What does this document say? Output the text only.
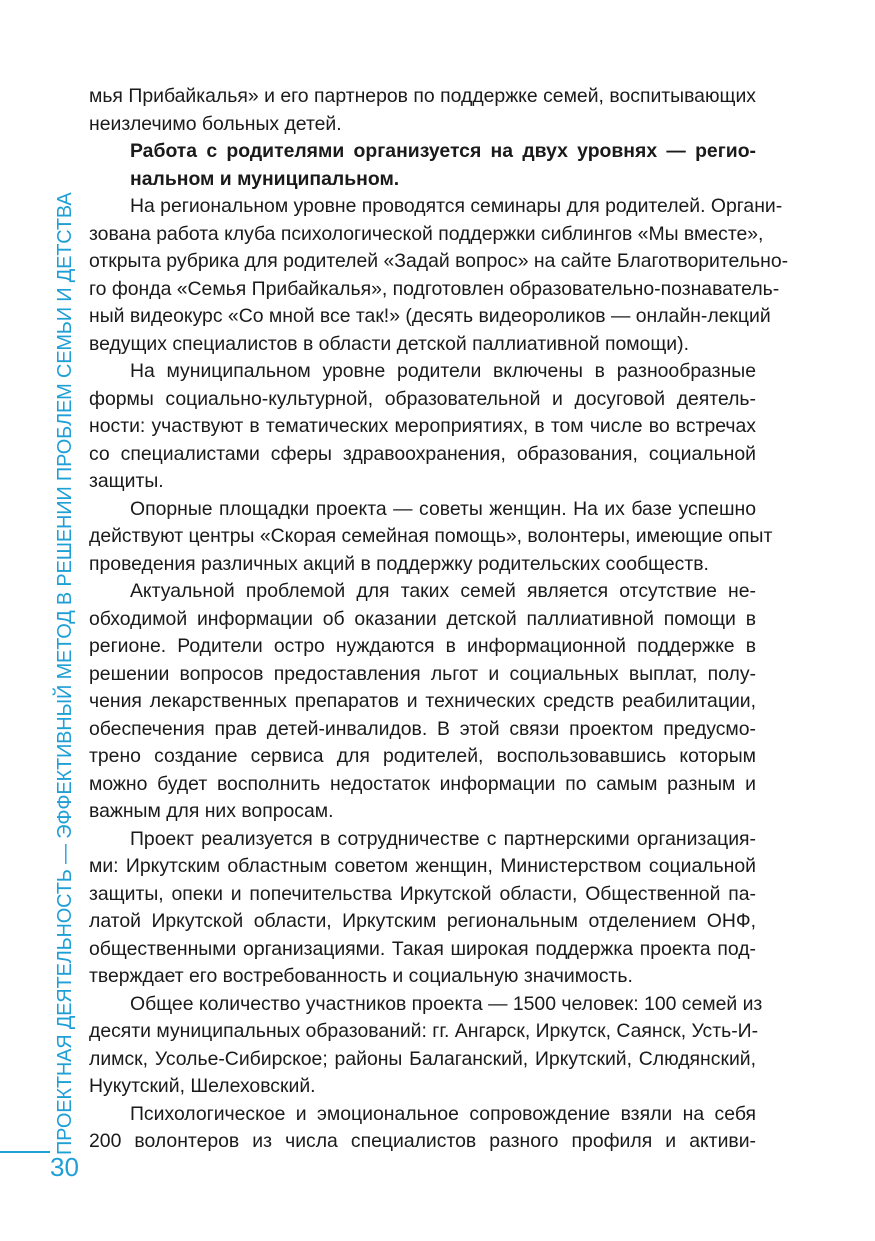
мья Прибайкалья» и его партнеров по поддержке семей, воспитывающих
неизлечимо больных детей.
Работа с родителями организуется на двух уровнях — регио-
нальном и муниципальном.
На региональном уровне проводятся семинары для родителей. Органи-
зована работа клуба психологической поддержки сиблингов «Мы вместе»,
открыта рубрика для родителей «Задай вопрос» на сайте Благотворительно-
го фонда «Семья Прибайкалья», подготовлен образовательно-познаватель-
ный видеокурс «Со мной все так!» (десять видеороликов — онлайн-лекций
ведущих специалистов в области детской паллиативной помощи).
На муниципальном уровне родители включены в разнообразные
формы социально-культурной, образовательной и досуговой деятель-
ности: участвуют в тематических мероприятиях, в том числе во встречах
со специалистами сферы здравоохранения, образования, социальной
защиты.
Опорные площадки проекта — советы женщин. На их базе успешно
действуют центры «Скорая семейная помощь», волонтеры, имеющие опыт
проведения различных акций в поддержку родительских сообществ.
Актуальной проблемой для таких семей является отсутствие не-
обходимой информации об оказании детской паллиативной помощи в
регионе. Родители остро нуждаются в информационной поддержке в
решении вопросов предоставления льгот и социальных выплат, полу-
чения лекарственных препаратов и технических средств реабилитации,
обеспечения прав детей-инвалидов. В этой связи проектом предусмо-
трено создание сервиса для родителей, воспользовавшись которым
можно будет восполнить недостаток информации по самым разным и
важным для них вопросам.
Проект реализуется в сотрудничестве с партнерскими организация-
ми: Иркутским областным советом женщин, Министерством социальной
защиты, опеки и попечительства Иркутской области, Общественной па-
латой Иркутской области, Иркутским региональным отделением ОНФ,
общественными организациями. Такая широкая поддержка проекта под-
тверждает его востребованность и социальную значимость.
Общее количество участников проекта — 1500 человек: 100 семей из
десяти муниципальных образований: гг. Ангарск, Иркутск, Саянск, Усть-И-
лимск, Усолье-Сибирское; районы Балаганский, Иркутский, Слюдянский,
Нукутский, Шелеховский.
Психологическое и эмоциональное сопровождение взяли на себя
200 волонтеров из числа специалистов разного профиля и активи-
ПРОЕКТНАЯ ДЕЯТЕЛЬНОСТЬ — ЭФФЕКТИВНЫЙ МЕТОД В РЕШЕНИИ ПРОБЛЕМ СЕМЬИ И ДЕТСТВА
30
